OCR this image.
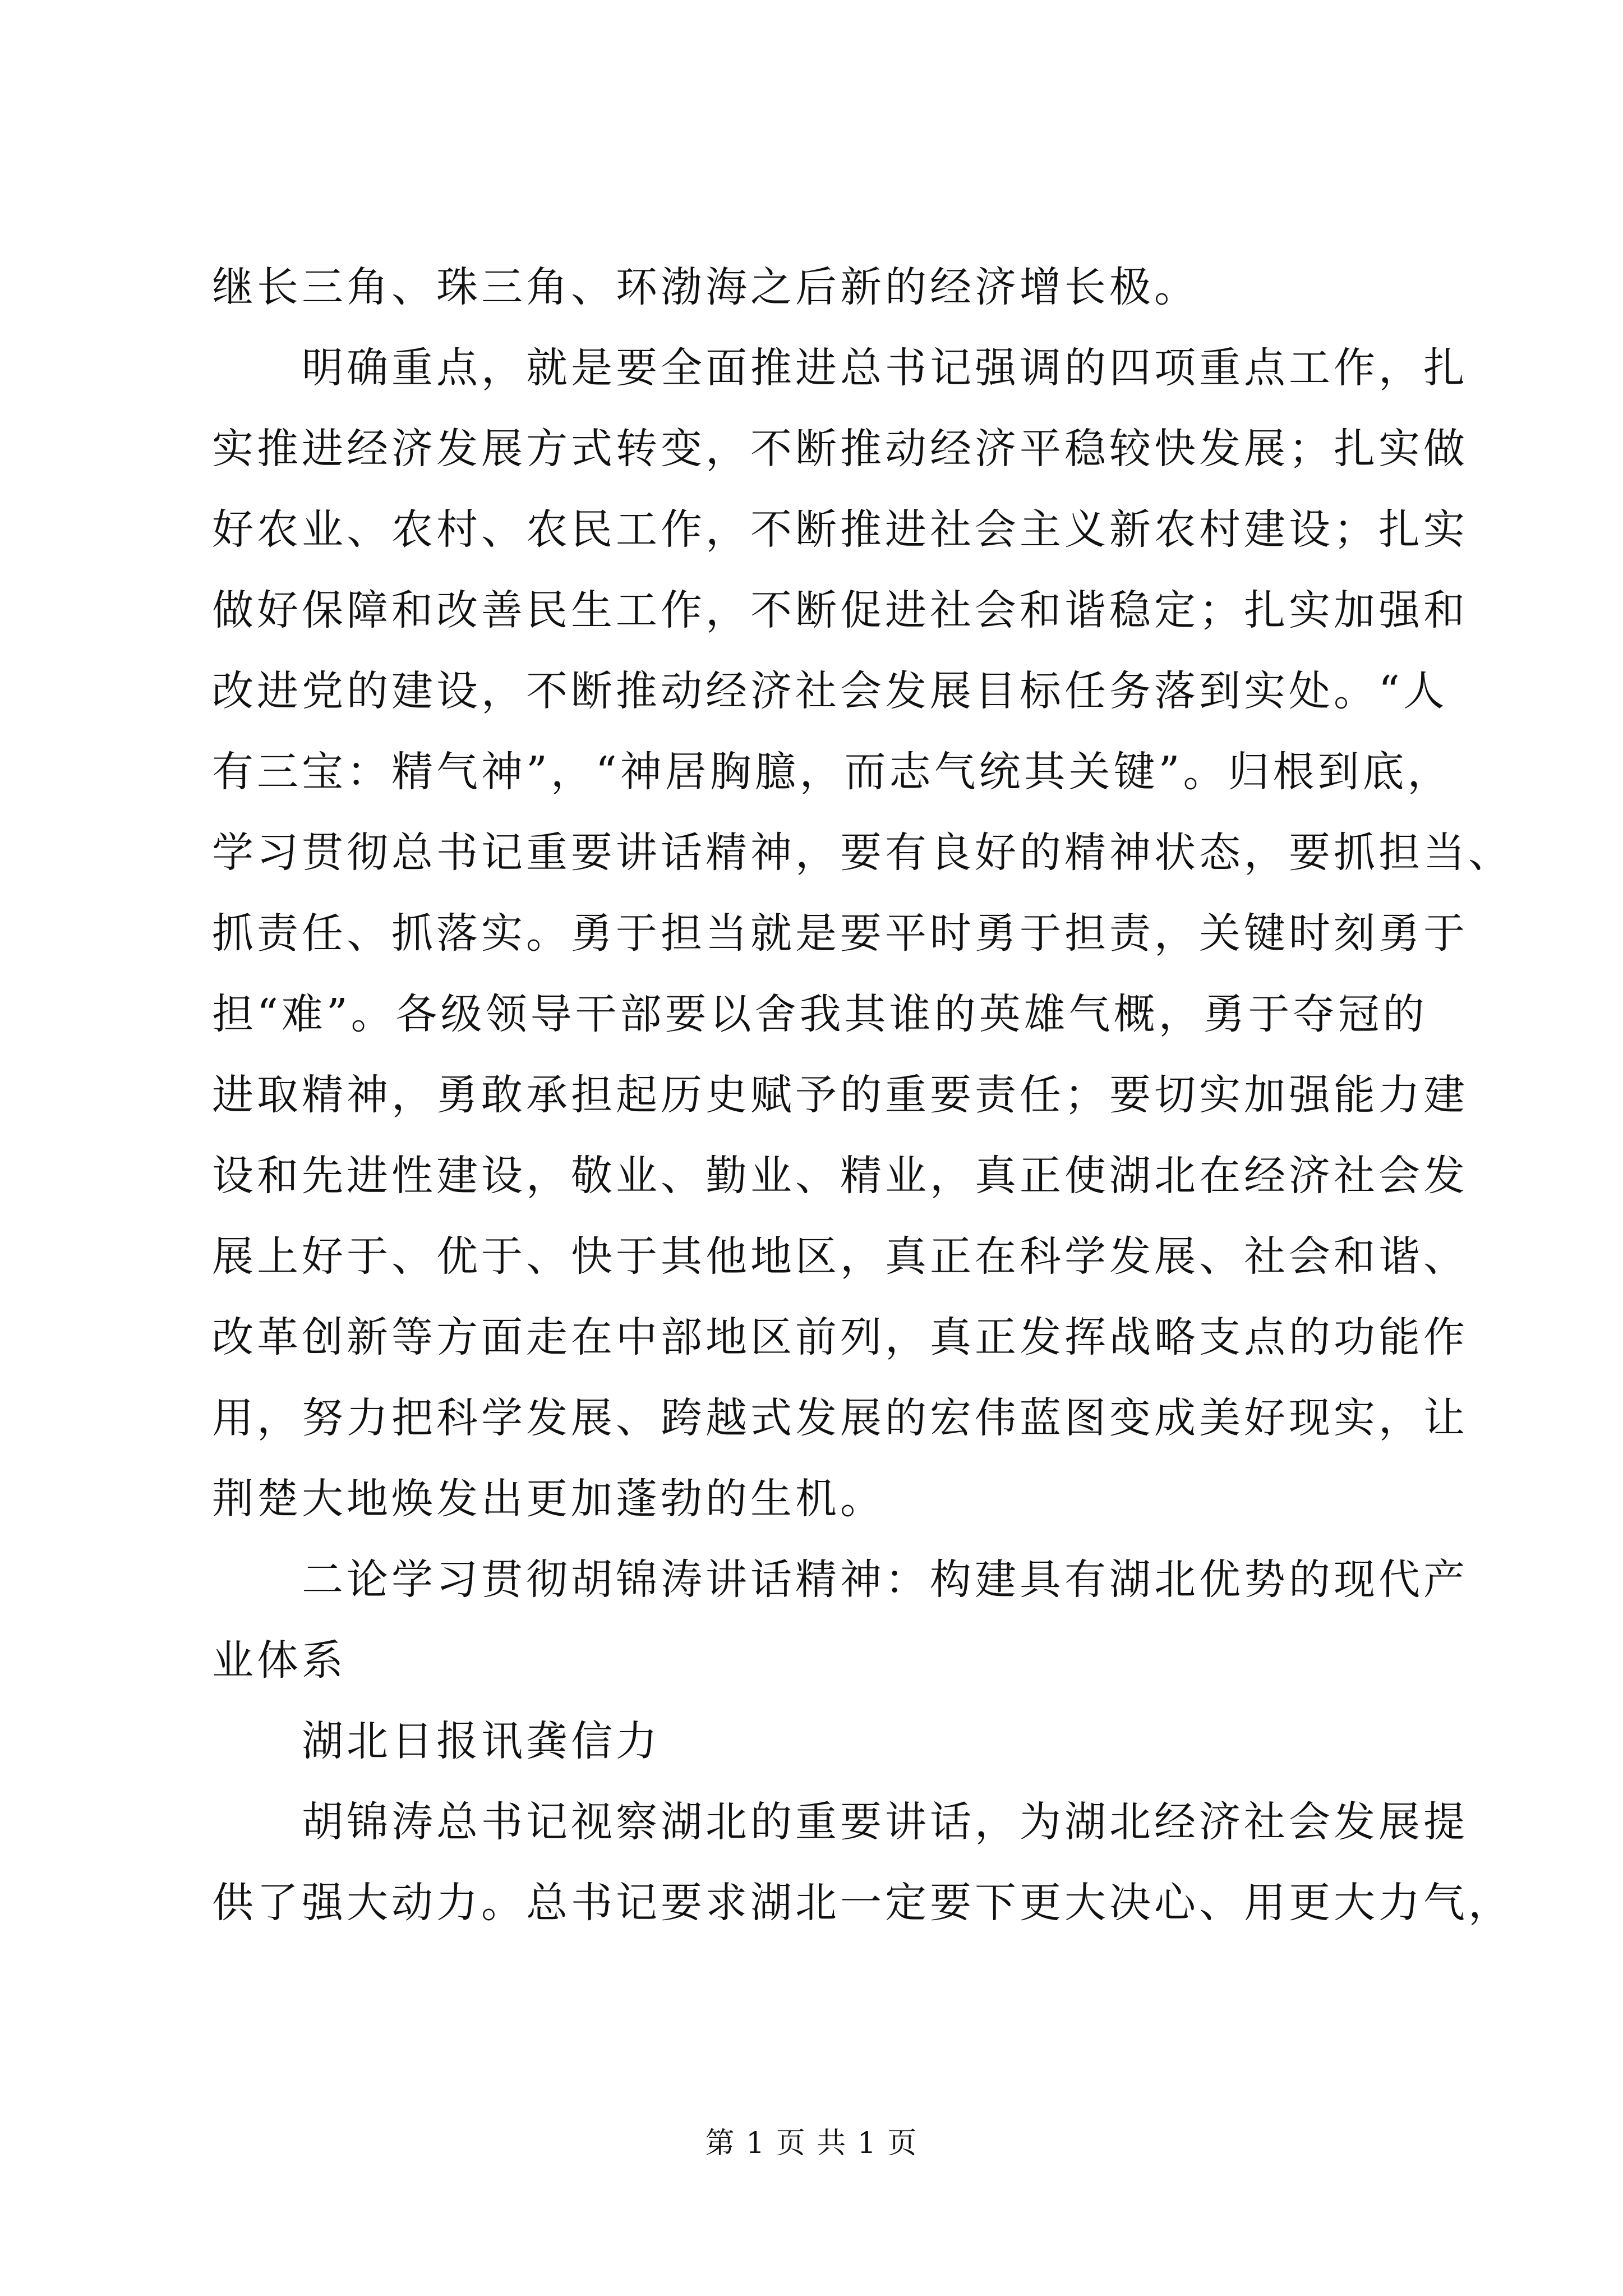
继长三角、珠三角、环渤海之后新的经济增长极。
明确重点，就是要全面推进总书记强调的四项重点工作，扎
实推进经济发展方式转变，不断推动经济平稳较快发展；扎实做
好农业、农村、农民工作，不断推进社会主义新农村建设；扎实
做好保障和改善民生工作，不断促进社会和谐稳定；扎实加强和
改进党的建设，不断推动经济社会发展目标任务落到实处。“人
有三宝：精气神”，“神居胸臆，而志气统其关键”。归根到底，
学习贯彻总书记重要讲话精神，要有良好的精神状态，要抓担当、
抓责任、抓落实。勇于担当就是要平时勇于担责，关键时刻勇于
担“难”。各级领导干部要以舍我其谁的英雄气概，勇于夺冠的
进取精神，勇敢承担起历史赋予的重要责任；要切实加强能力建
设和先进性建设，敬业、勤业、精业，真正使湖北在经济社会发
展上好于、优于、快于其他地区，真正在科学发展、社会和谐、
改革创新等方面走在中部地区前列，真正发挥战略支点的功能作
用，努力把科学发展、跨越式发展的宏伟蓝图变成美好现实，让
荆楚大地焕发出更加蓬勃的生机。
二论学习贯彻胡锦涛讲话精神：构建具有湖北优势的现代产
业体系
湖北日报讯龚信力
胡锦涛总书记视察湖北的重要讲话，为湖北经济社会发展提
供了强大动力。总书记要求湖北一定要下更大决心、用更大力气，
第 1 页 共 1 页
